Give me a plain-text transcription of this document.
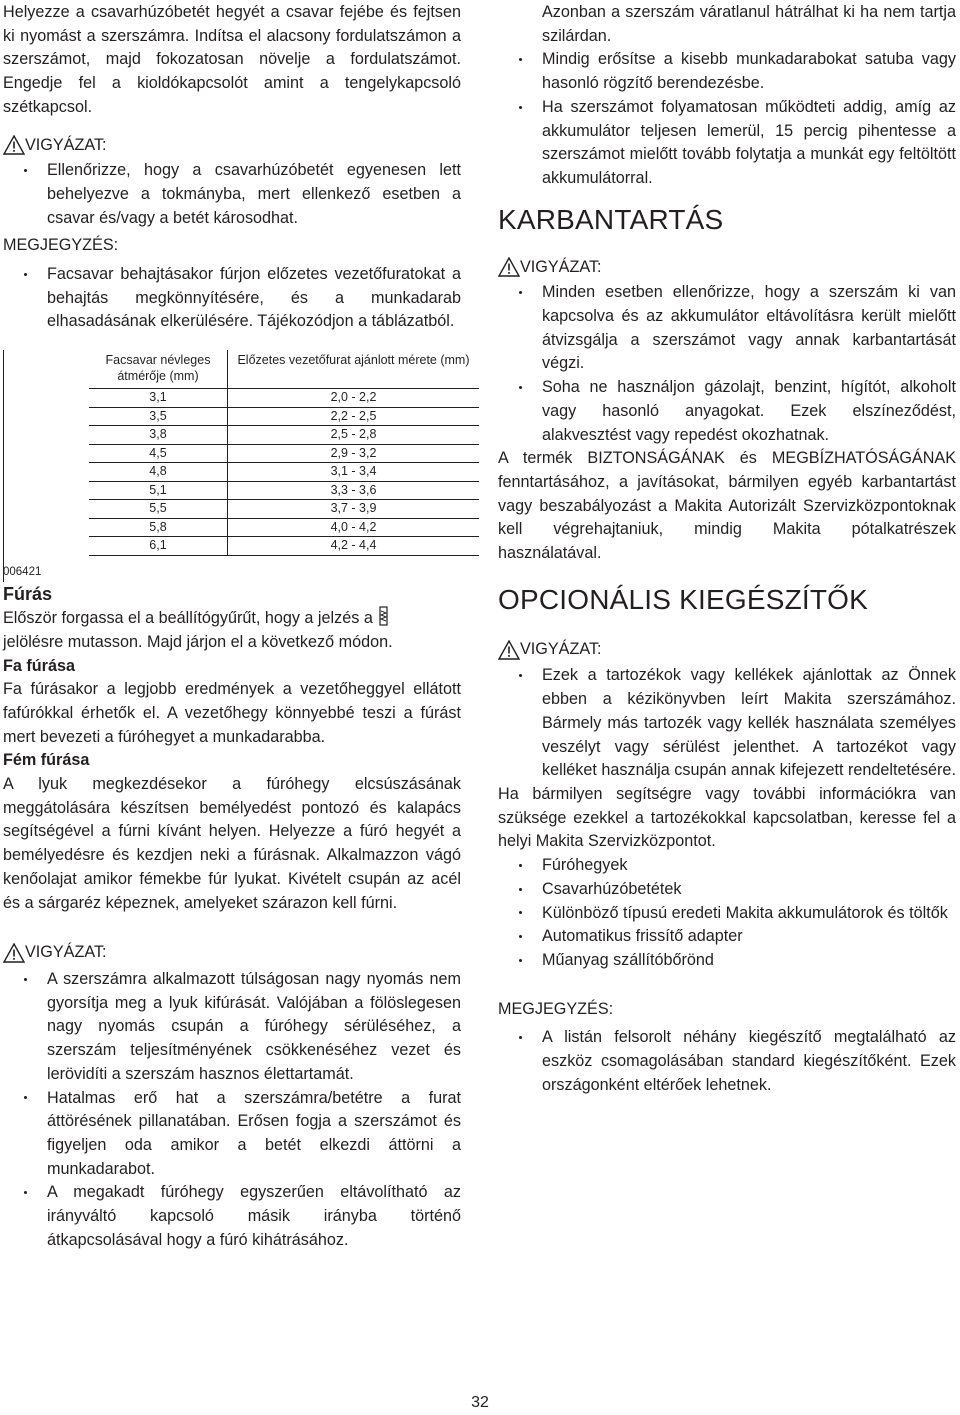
Helyezze a csavarhúzóbetét hegyét a csavar fejébe és fejtsen ki nyomást a szerszámra. Indítsa el alacsony fordulatszámon a szerszámot, majd fokozatosan növelje a fordulatszámot. Engedje fel a kioldókapcsolót amint a tengelykapcsoló szétkapcsol.

VIGYÁZAT:
Ellenőrizze, hogy a csavarhúzóbetét egyenesen lett behelyezve a tokmányba, mert ellenkező esetben a csavar és/vagy a betét károsodhat.
MEGJEGYZÉS:
Facsavar behajtásakor fúrjon előzetes vezetőfuratokat a behajtás megkönnyítésére, és a munkadarab elhasadásának elkerülésére. Tájékozódjon a táblázatból.
Facsavar névleges átmérője (mm)	Előzetes vezetőfurat ajánlott mérete (mm)
3,1	2,0 - 2,2
3,5	2,2 - 2,5
3,8	2,5 - 2,8
4,5	2,9 - 3,2
4,8	3,1 - 3,4
5,1	3,3 - 3,6
5,5	3,7 - 3,9
5,8	4,0 - 4,2
6,1	4,2 - 4,4
006421
Fúrás

Először forgassa el a beállítógyűrűt, hogy a jelzés a
jelölésre mutasson. Majd járjon el a következő módon.

Fa fúrása

Fa fúrásakor a legjobb eredmények a vezetőheggyel ellátott fafúrókkal érhetők el. A vezetőhegy könnyebbé teszi a fúrást mert bevezeti a fúróhegyet a munkadarabba.

Fém fúrása

A lyuk megkezdésekor a fúróhegy elcsúszásának meggátolására készítsen bemélyedést pontozó és kalapács segítségével a fúrni kívánt helyen. Helyezze a fúró hegyét a bemélyedésre és kezdjen neki a fúrásnak. Alkalmazzon vágó kenőolajat amikor fémekbe fúr lyukat. Kivételt csupán az acél és a sárgaréz képeznek, amelyeket szárazon kell fúrni.

VIGYÁZAT:
A szerszámra alkalmazott túlságosan nagy nyomás nem gyorsítja meg a lyuk kifúrását. Valójában a fölöslegesen nagy nyomás csupán a fúróhegy sérüléséhez, a szerszám teljesítményének csökkenéséhez vezet és lerövidíti a szerszám hasznos élettartamát.
Hatalmas erő hat a szerszámra/betétre a furat áttörésének pillanatában. Erősen fogja a szerszámot és figyeljen oda amikor a betét elkezdi áttörni a munkadarabot.
A megakadt fúróhegy egyszerűen eltávolítható az irányváltó kapcsoló másik irányba történő átkapcsolásával hogy a fúró kihátrásához.
Azonban a szerszám váratlanul hátrálhat ki ha nem tartja szilárdan.
Mindig erősítse a kisebb munkadarabokat satuba vagy hasonló rögzítő berendezésbe.
Ha szerszámot folyamatosan működteti addig, amíg az akkumulátor teljesen lemerül, 15 percig pihentesse a szerszámot mielőtt tovább folytatja a munkát egy feltöltött akkumulátorral.
KARBANTARTÁS
VIGYÁZAT:
Minden esetben ellenőrizze, hogy a szerszám ki van kapcsolva és az akkumulátor eltávolításra került mielőtt átvizsgálja a szerszámot vagy annak karbantartását végzi.
Soha ne használjon gázolajt, benzint, hígítót, alkoholt vagy hasonló anyagokat. Ezek elszíneződést, alakvesztést vagy repedést okozhatnak.

A termék BIZTONSÁGÁNAK és MEGBÍZHATÓSÁGÁNAK fenntartásához, a javításokat, bármilyen egyéb karbantartást vagy beszabályozást a Makita Autorizált Szervizközpontoknak kell végrehajtaniuk, mindig Makita pótalkatrészek használatával.

OPCIONÁLIS KIEGÉSZÍTŐK
VIGYÁZAT:
Ezek a tartozékok vagy kellékek ajánlottak az Önnek ebben a kézikönyvben leírt Makita szerszámához. Bármely más tartozék vagy kellék használata személyes veszélyt vagy sérülést jelenthet. A tartozékot vagy kelléket használja csupán annak kifejezett rendeltetésére.

Ha bármilyen segítségre vagy további információkra van szüksége ezekkel a tartozékokkal kapcsolatban, keresse fel a helyi Makita Szervizközpontot.

Fúróhegyek
Csavarhúzóbetétek
Különböző típusú eredeti Makita akkumulátorok és töltők
Automatikus frissítő adapter
Műanyag szállítóbőrönd
MEGJEGYZÉS:
A listán felsorolt néhány kiegészítő megtalálható az eszköz csomagolásában standard kiegészítőként. Ezek országonként eltérőek lehetnek.
32
